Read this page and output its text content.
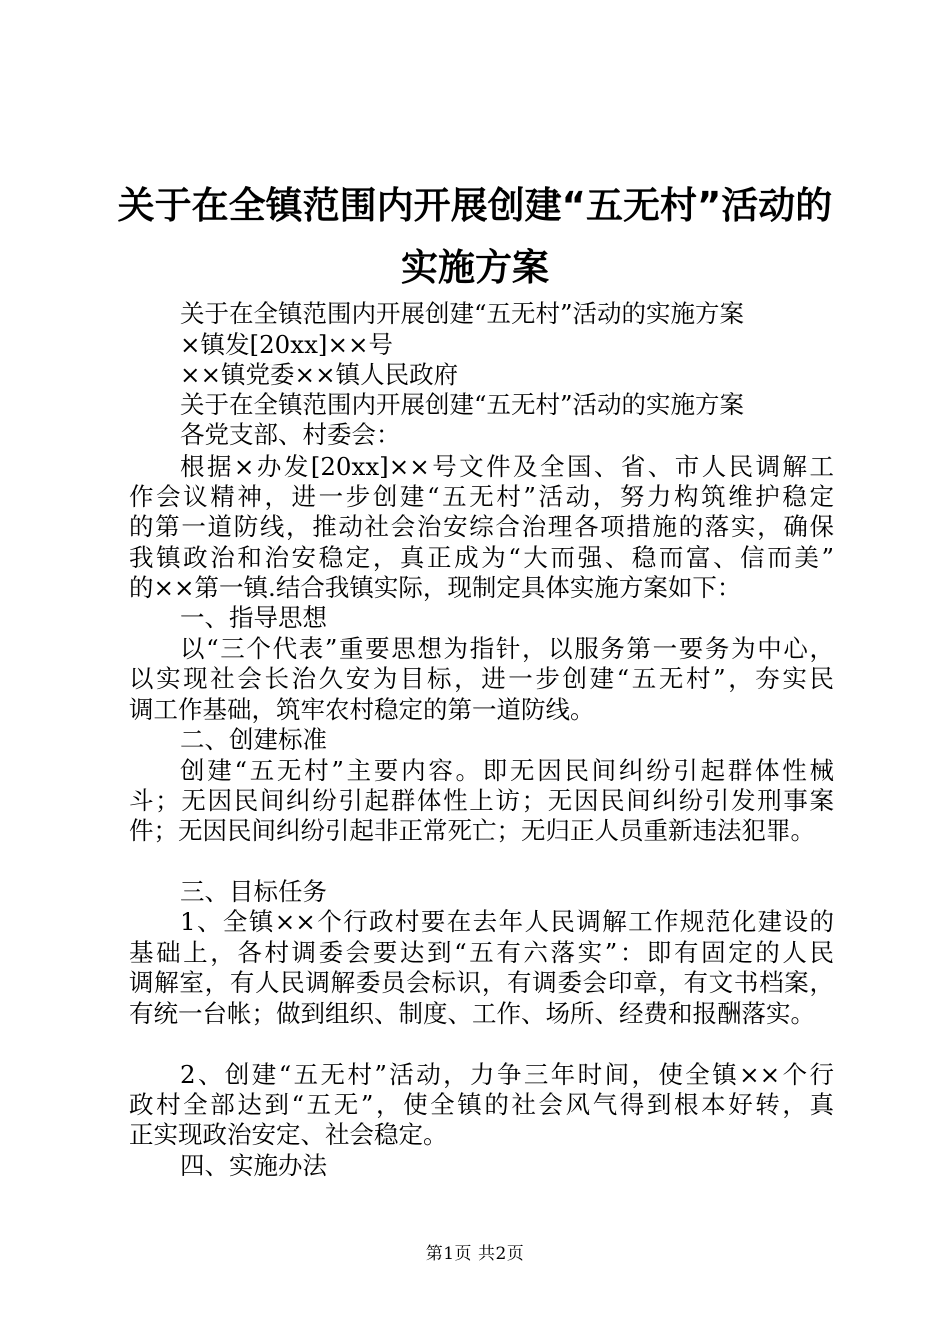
关于在全镇范围内开展创建“五无村”活动的
实施方案
关于在全镇范围内开展创建“五无村”活动的实施方案
×镇发[20xx]××号
××镇党委××镇人民政府
关于在全镇范围内开展创建“五无村”活动的实施方案
各党支部、村委会：
根据×办发[20xx]××号文件及全国、省、市人民调解工
作会议精神，进一步创建“五无村”活动，努力构筑维护稳定
的第一道防线，推动社会治安综合治理各项措施的落实，确保
我镇政治和治安稳定，真正成为“大而强、稳而富、信而美”
的××第一镇.结合我镇实际，现制定具体实施方案如下：
一、指导思想
以“三个代表”重要思想为指针，以服务第一要务为中心，
以实现社会长治久安为目标，进一步创建“五无村”，夯实民
调工作基础，筑牢农村稳定的第一道防线。
二、创建标准
创建“五无村”主要内容。即无因民间纠纷引起群体性械
斗；无因民间纠纷引起群体性上访；无因民间纠纷引发刑事案
件；无因民间纠纷引起非正常死亡；无归正人员重新违法犯罪。
三、目标任务
1、全镇××个行政村要在去年人民调解工作规范化建设的
基础上，各村调委会要达到“五有六落实”：即有固定的人民
调解室，有人民调解委员会标识，有调委会印章，有文书档案，
有统一台帐；做到组织、制度、工作、场所、经费和报酬落实。
2、创建“五无村”活动，力争三年时间，使全镇××个行
政村全部达到“五无”，使全镇的社会风气得到根本好转，真
正实现政治安定、社会稳定。
四、实施办法
第1页 共2页
